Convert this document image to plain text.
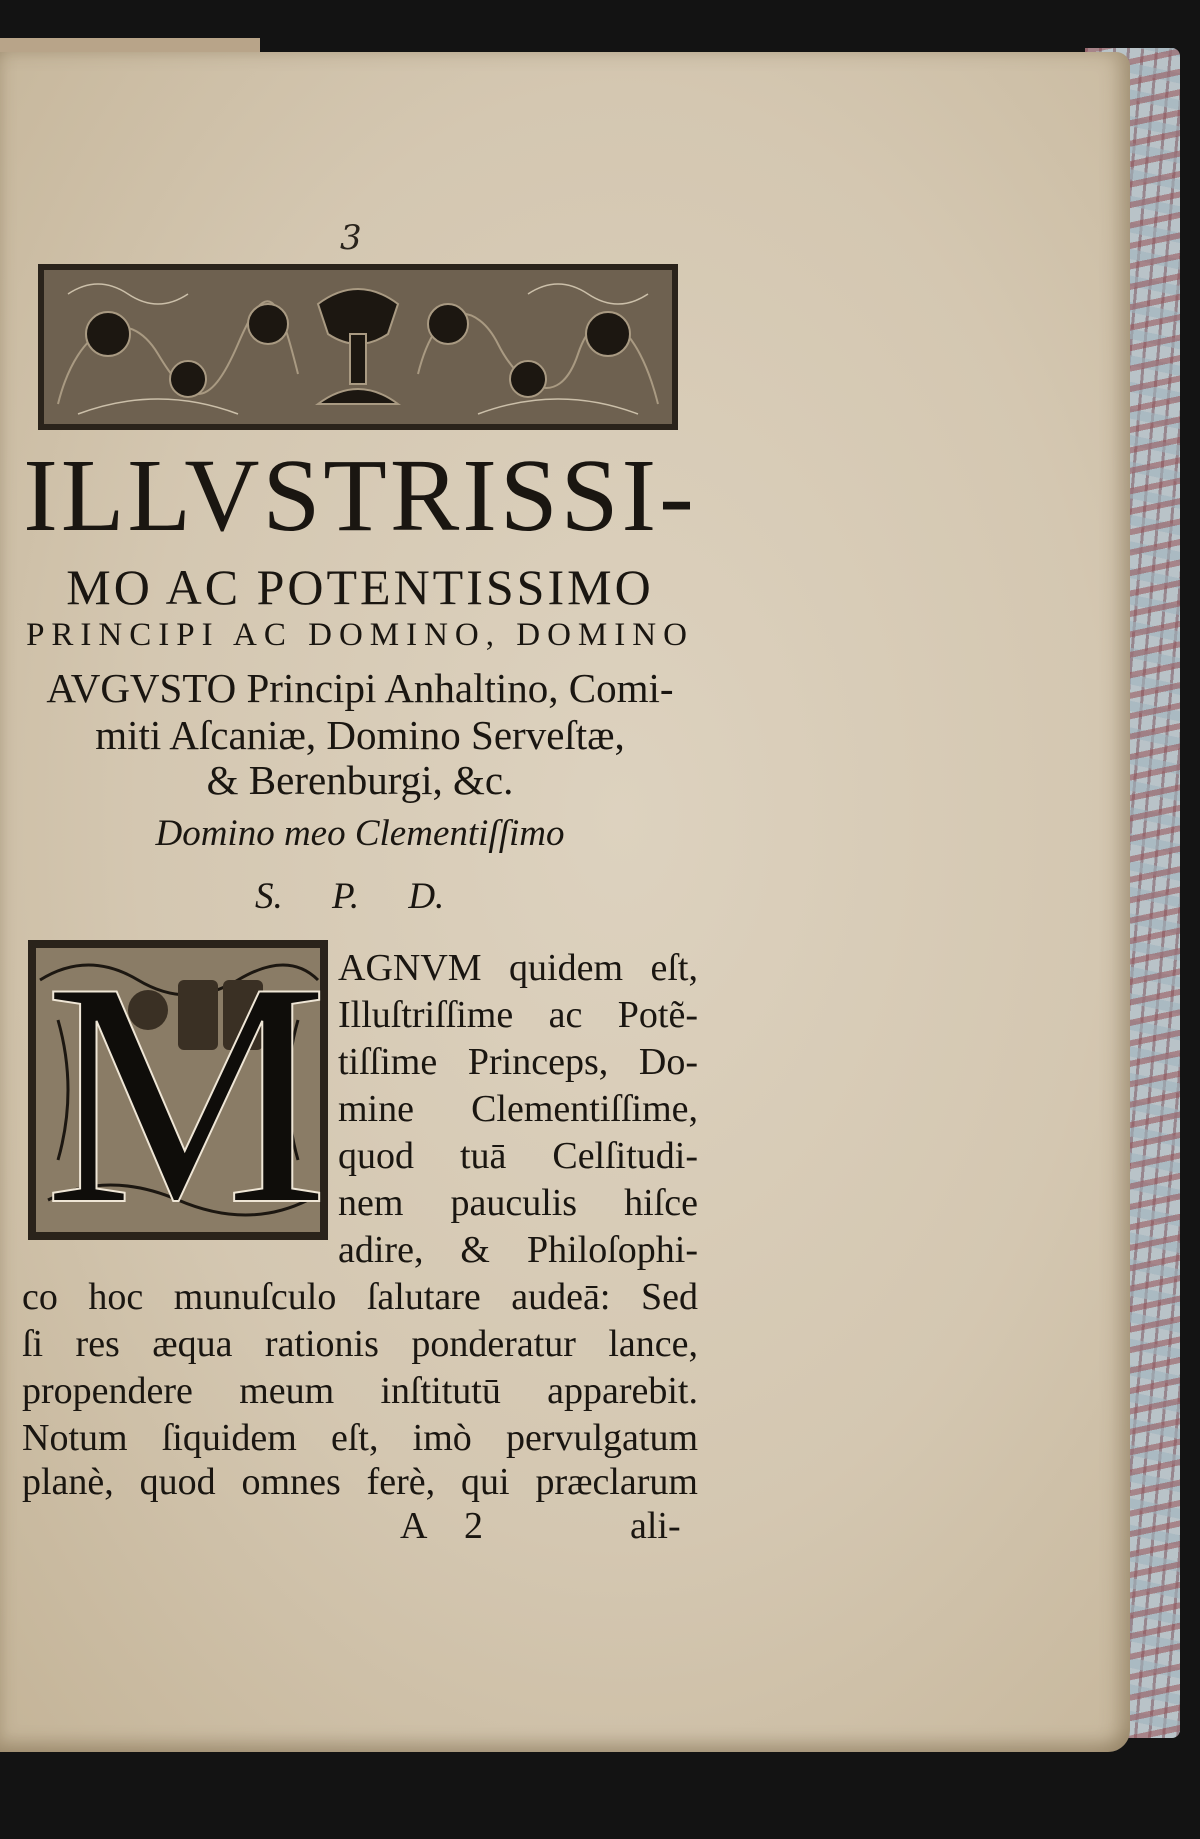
3
ILLVSTRISSI-
MO AC POTENTISSIMO
PRINCIPI AC DOMINO, DOMINO
AVGVSTO Principi Anhaltino, Comi-
miti Aſcaniæ, Domino Serveſtæ,
& Berenburgi, &c.
Domino meo Clementiſſimo
S. P. D.
M AGNVM quidem eſt,
Illuſtriſſime ac Potẽ-
tiſſime Princeps, Do-
mine Clementiſſime,
quod tuā Celſitudi-
nem pauculis hiſce
adire, & Philoſophi-
co hoc munuſculo ſalutare audeā: Sed
ſi res æqua rationis ponderatur lance,
propendere meum inſtitutū apparebit.
Notum ſiquidem eſt, imò pervulgatum
planè, quod omnes ferè, qui præclarum
A 2	ali-
